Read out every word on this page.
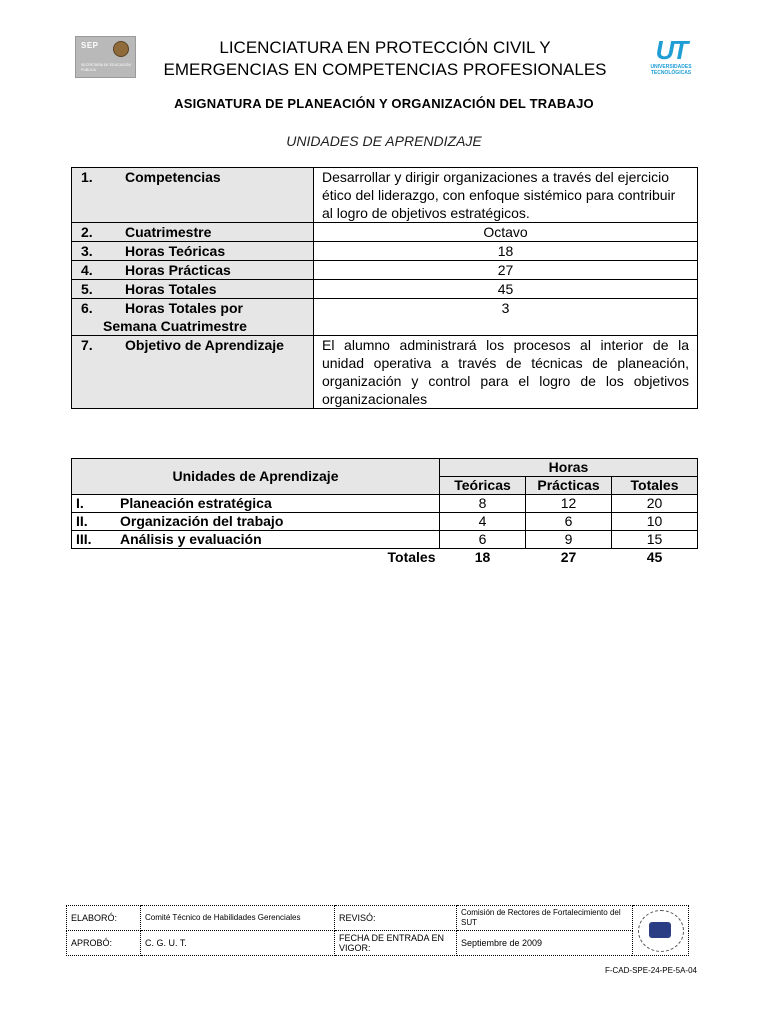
SEP
SECRETARÍA DE EDUCACIÓN PÚBLICA
UT
UNIVERSIDADES TECNOLÓGICAS
LICENCIATURA EN PROTECCIÓN CIVIL Y
EMERGENCIAS EN COMPETENCIAS PROFESIONALES
ASIGNATURA DE PLANEACIÓN Y ORGANIZACIÓN DEL TRABAJO
UNIDADES DE APRENDIZAJE
1. Competencias	Desarrollar y dirigir organizaciones a través del ejercicio ético del liderazgo, con enfoque sistémico para contribuir al logro de objetivos estratégicos.
2. Cuatrimestre	Octavo
3. Horas Teóricas	18
4. Horas Prácticas	27
5. Horas Totales	45
6. Horas Totales por
Semana Cuatrimestre	3
7. Objetivo de Aprendizaje	El alumno administrará los procesos al interior de la unidad operativa a través de técnicas de planeación, organización y control para el logro de los objetivos organizacionales
Unidades de Aprendizaje	Horas		
	Teóricas	Prácticas	Totales
I. Planeación estratégica	8	12	20
II. Organización del trabajo	4	6	10
III. Análisis y evaluación	6	9	15
Totales	18	27	45
ELABORÓ:	Comité Técnico de Habilidades Gerenciales	REVISÓ:	Comisión de Rectores de Fortalecimiento del SUT	

APROBÓ:	C. G. U. T.	FECHA DE ENTRADA EN VIGOR:	Septiembre de 2009	
F-CAD-SPE-24-PE-5A-04
